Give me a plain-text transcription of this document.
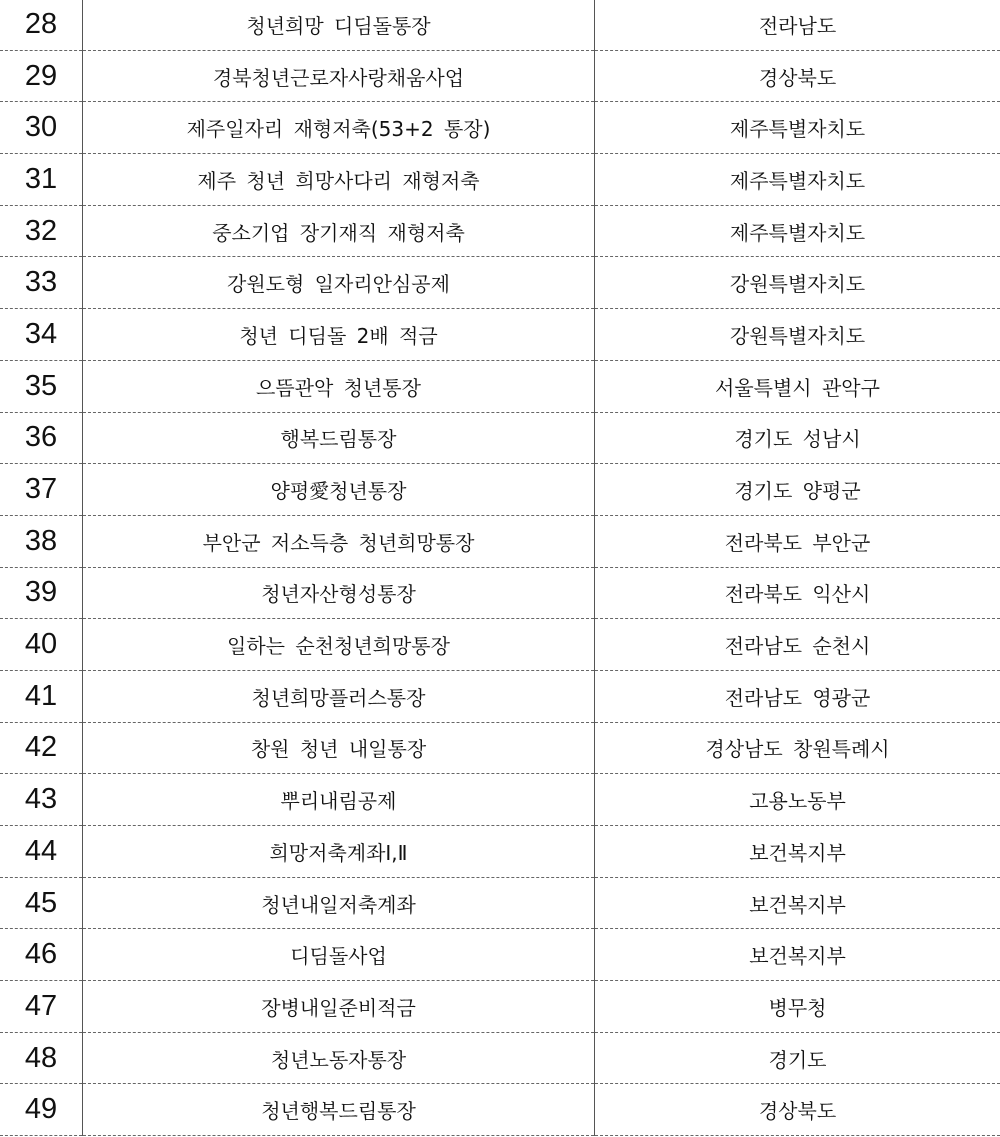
28	청년희망 디딤돌통장	전라남도
29	경북청년근로자사랑채움사업	경상북도
30	제주일자리 재형저축(53+2 통장)	제주특별자치도
31	제주 청년 희망사다리 재형저축	제주특별자치도
32	중소기업 장기재직 재형저축	제주특별자치도
33	강원도형 일자리안심공제	강원특별자치도
34	청년 디딤돌 2배 적금	강원특별자치도
35	으뜸관악 청년통장	서울특별시 관악구
36	행복드림통장	경기도 성남시
37	양평愛청년통장	경기도 양평군
38	부안군 저소득층 청년희망통장	전라북도 부안군
39	청년자산형성통장	전라북도 익산시
40	일하는 순천청년희망통장	전라남도 순천시
41	청년희망플러스통장	전라남도 영광군
42	창원 청년 내일통장	경상남도 창원특례시
43	뿌리내림공제	고용노동부
44	희망저축계좌Ⅰ,Ⅱ	보건복지부
45	청년내일저축계좌	보건복지부
46	디딤돌사업	보건복지부
47	장병내일준비적금	병무청
48	청년노동자통장	경기도
49	청년행복드림통장	경상북도
